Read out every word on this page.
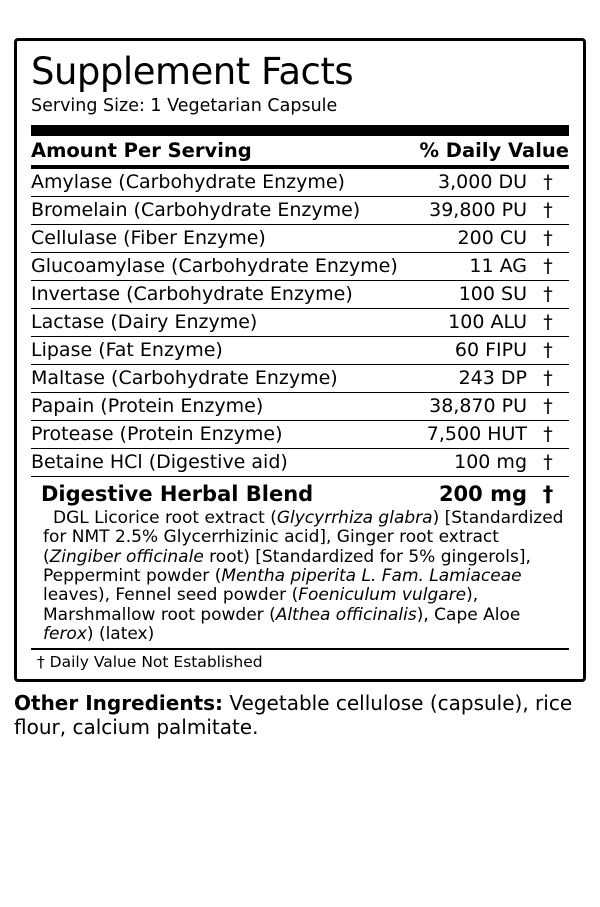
Supplement Facts
Serving Size: 1 Vegetarian Capsule
Amount Per Serving	% Daily Value
Amylase (Carbohydrate Enzyme)	3,000 DU	†
Bromelain (Carbohydrate Enzyme)	39,800 PU	†
Cellulase (Fiber Enzyme)	200 CU	†
Glucoamylase (Carbohydrate Enzyme)	11 AG	†
Invertase (Carbohydrate Enzyme)	100 SU	†
Lactase (Dairy Enzyme)	100 ALU	†
Lipase (Fat Enzyme)	60 FIPU	†
Maltase (Carbohydrate Enzyme)	243 DP	†
Papain (Protein Enzyme)	38,870 PU	†
Protease (Protein Enzyme)	7,500 HUT	†
Betaine HCl (Digestive aid)	100 mg	†
Digestive Herbal Blend	200 mg	†
DGL Licorice root extract (Glycyrrhiza glabra) [Standardized for NMT 2.5% Glycerrhizinic acid], Ginger root extract (Zingiber officinale root) [Standardized for 5% gingerols], Peppermint powder (Mentha piperita L. Fam. Lamiaceae leaves), Fennel seed powder (Foeniculum vulgare), Marshmallow root powder (Althea officinalis), Cape Aloe ferox) (latex)
† Daily Value Not Established
Other Ingredients: Vegetable cellulose (capsule), rice flour, calcium palmitate.
